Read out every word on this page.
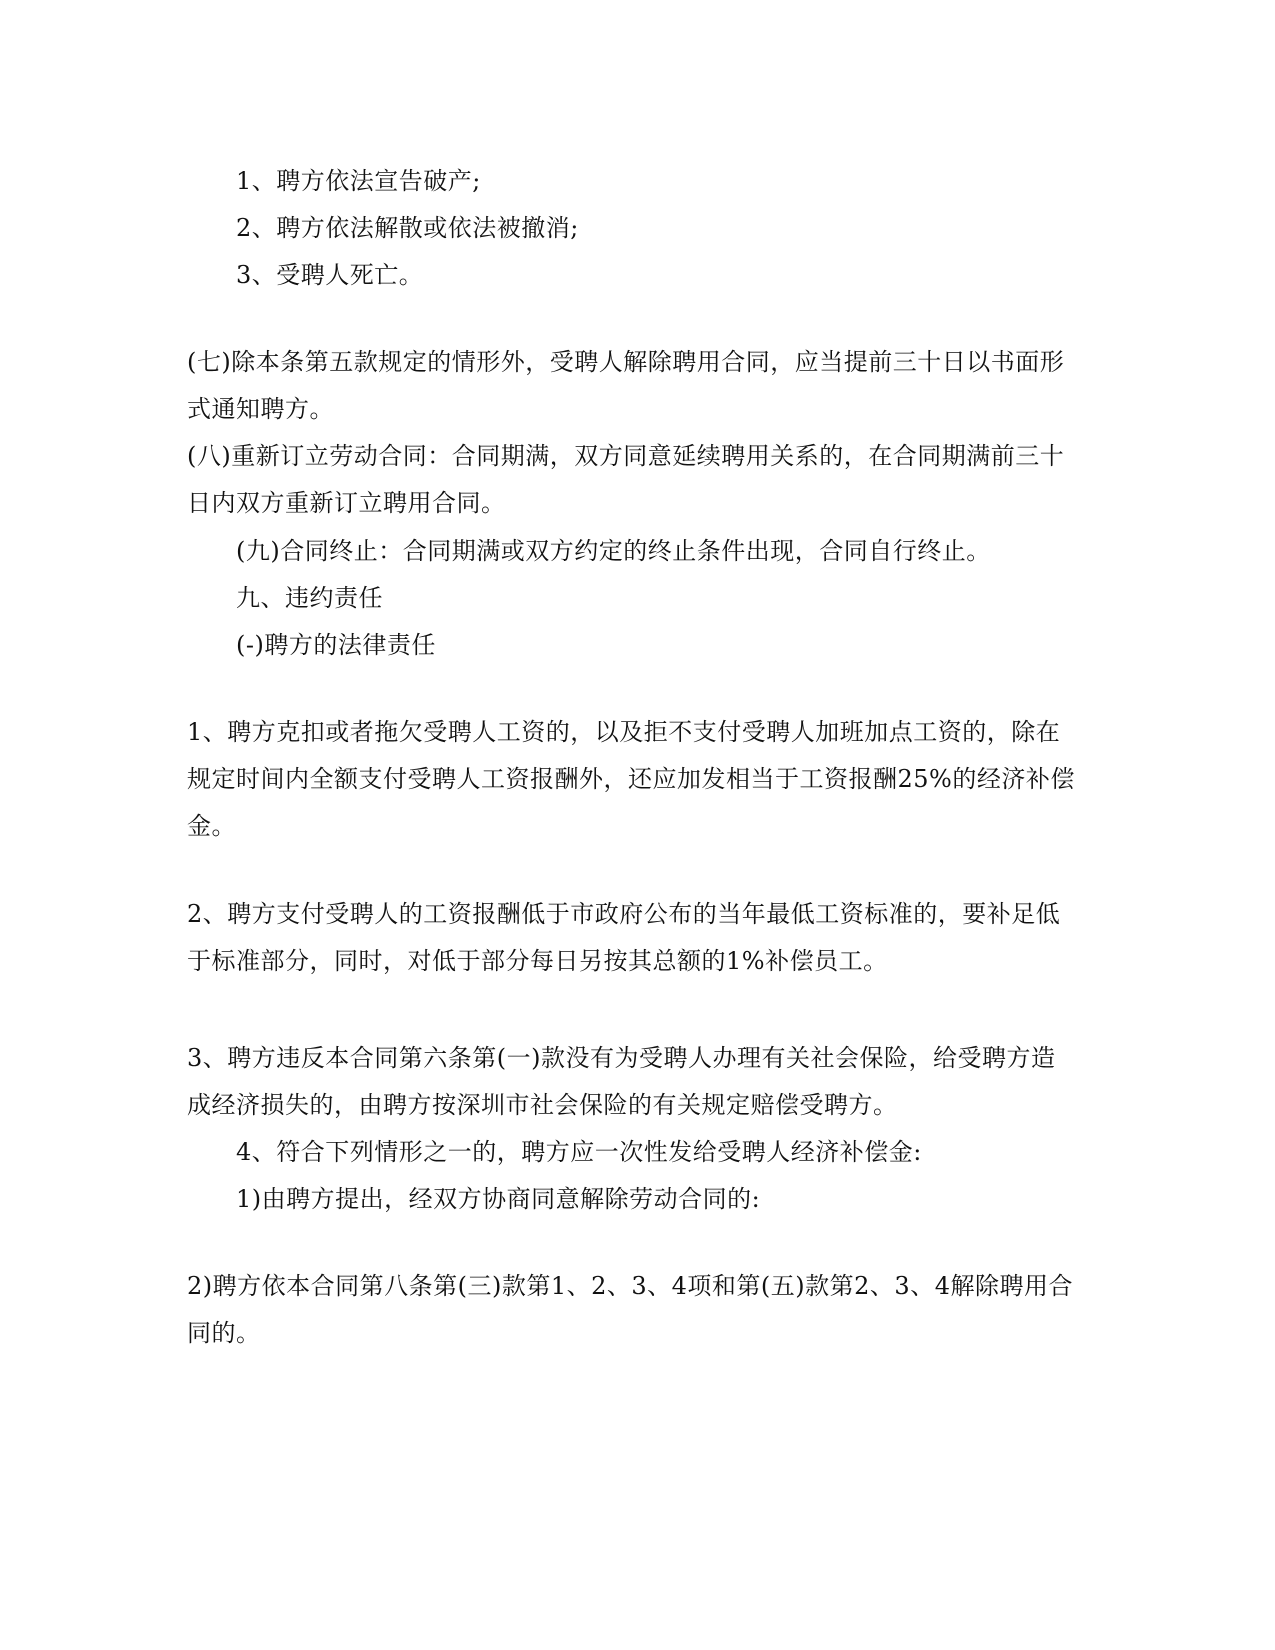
1、聘方依法宣告破产;
2、聘方依法解散或依法被撤消;
3、受聘人死亡。
(七)除本条第五款规定的情形外，受聘人解除聘用合同，应当提前三十日以书面形
式通知聘方。
(八)重新订立劳动合同：合同期满，双方同意延续聘用关系的，在合同期满前三十
日内双方重新订立聘用合同。
(九)合同终止：合同期满或双方约定的终止条件出现，合同自行终止。
九、违约责任
(-)聘方的法律责任
1、聘方克扣或者拖欠受聘人工资的，以及拒不支付受聘人加班加点工资的，除在
规定时间内全额支付受聘人工资报酬外，还应加发相当于工资报酬25%的经济补偿
金。
2、聘方支付受聘人的工资报酬低于市政府公布的当年最低工资标准的，要补足低
于标准部分，同时，对低于部分每日另按其总额的1%补偿员工。
3、聘方违反本合同第六条第(一)款没有为受聘人办理有关社会保险，给受聘方造
成经济损失的，由聘方按深圳市社会保险的有关规定赔偿受聘方。
4、符合下列情形之一的，聘方应一次性发给受聘人经济补偿金:
1)由聘方提出，经双方协商同意解除劳动合同的:
2)聘方依本合同第八条第(三)款第1、2、3、4项和第(五)款第2、3、4解除聘用合
同的。
